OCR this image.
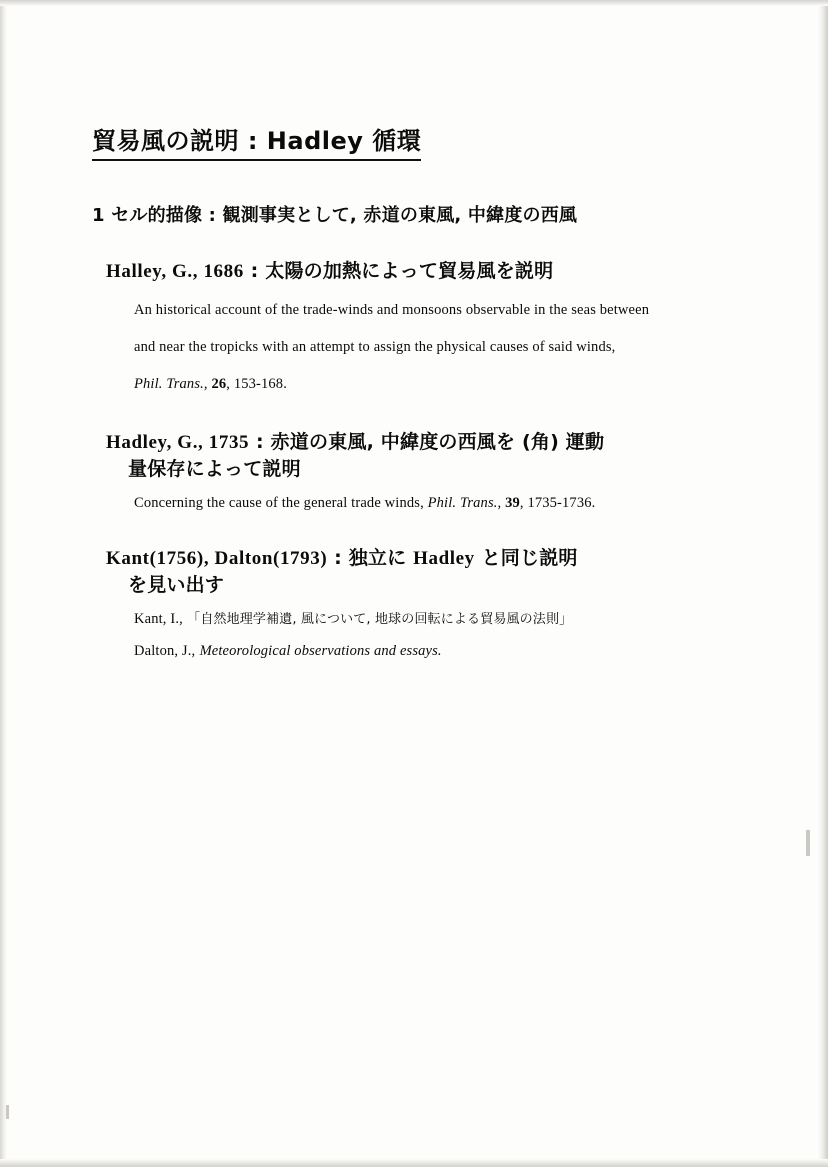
貿易風の説明 : Hadley 循環
1 セル的描像 : 観測事実として, 赤道の東風, 中緯度の西風
Halley, G., 1686 : 太陽の加熱によって貿易風を説明
An historical account of the trade-winds and monsoons observable in the seas between
and near the tropicks with an attempt to assign the physical causes of said winds,
Phil. Trans., 26, 153-168.
Hadley, G., 1735 : 赤道の東風, 中緯度の西風を (角) 運動
量保存によって説明
Concerning the cause of the general trade winds, Phil. Trans., 39, 1735-1736.
Kant(1756), Dalton(1793) : 独立に Hadley と同じ説明
を見い出す
Kant, I., 「自然地理学補遺, 風について, 地球の回転による貿易風の法則」
Dalton, J., Meteorological observations and essays.
